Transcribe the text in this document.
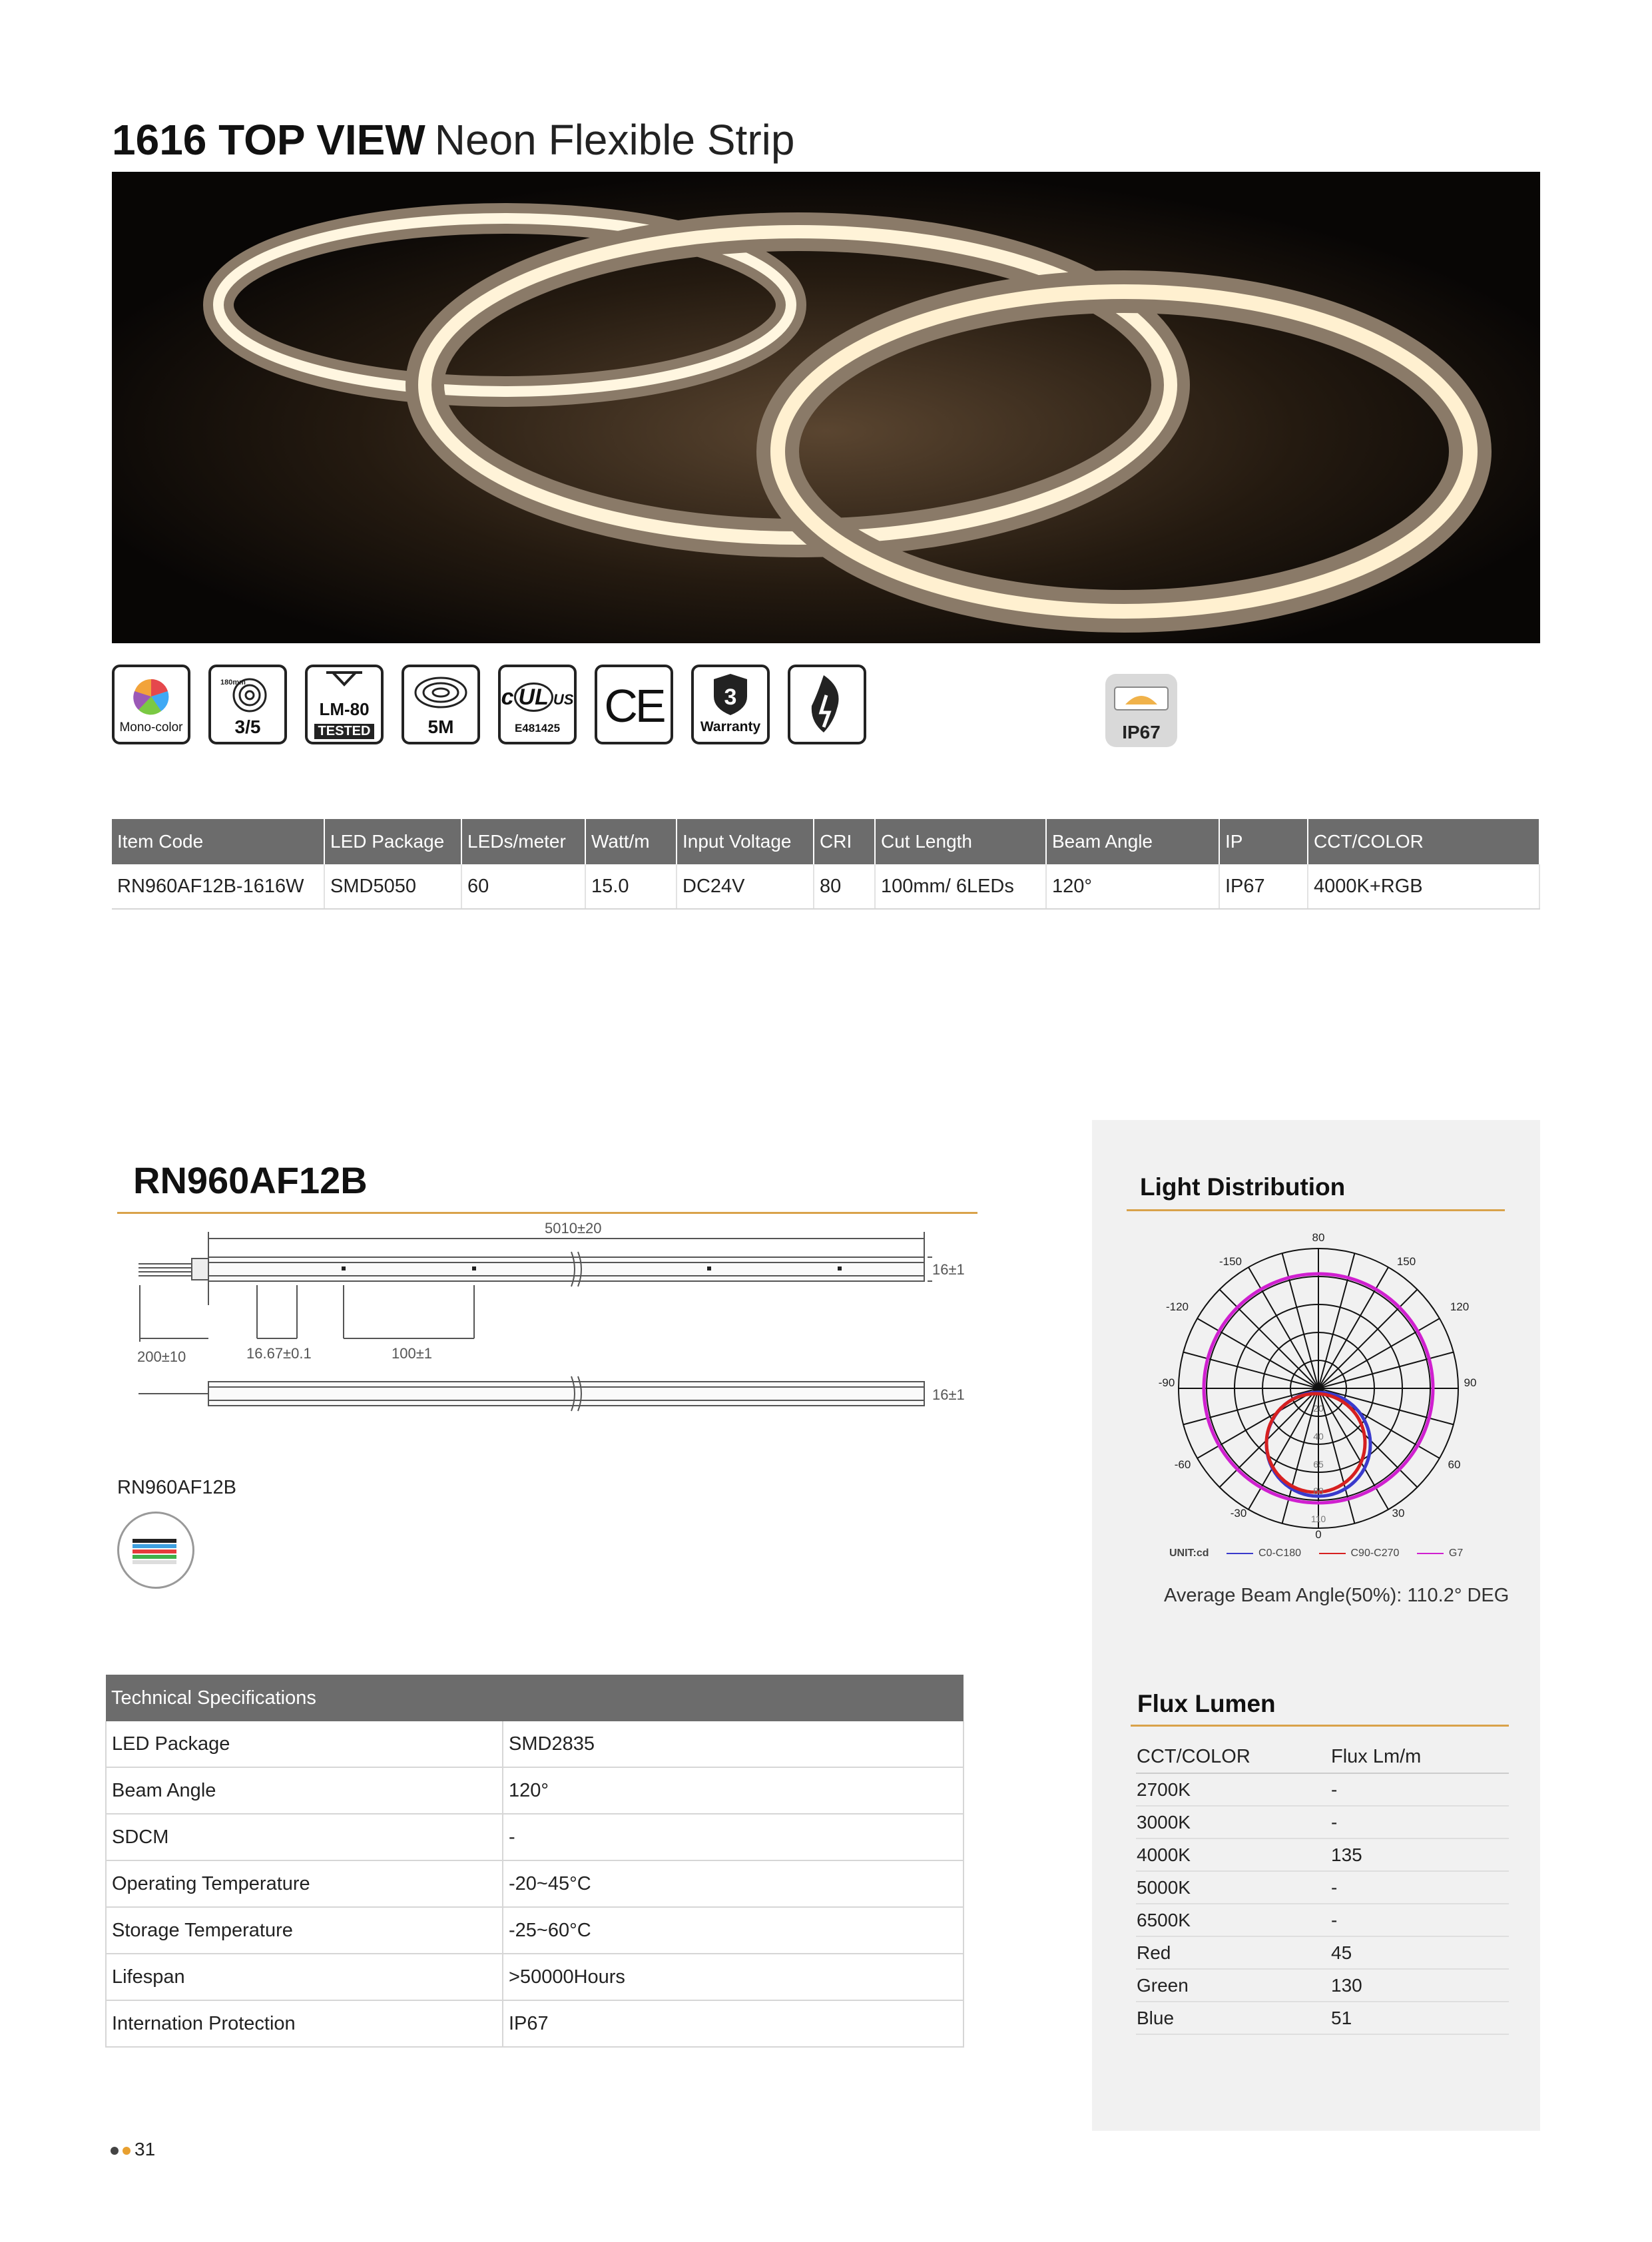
1616 TOP VIEW Neon Flexible Strip
Mono-color
180mm
3/5
LM-80
TESTED	5M
c UL US
E481425 CE	3
Warranty	IP67
Item Code	LED Package	LEDs/meter	Watt/m	Input Voltage	CRI	Cut Length	Beam Angle	IP	CCT/COLOR
RN960AF12B-1616W	SMD5050	60	15.0	DC24V	80	100mm/ 6LEDs	120°	IP67	4000K+RGB
RN960AF12B
5010±20
16±1
200±10	16.67±0.1	100±1
16±1
RN960AF12B
Technical Specifications	
LED Package	SMD2835
Beam Angle	120°
SDCM	-
Operating Temperature	-20~45°C
Storage Temperature	-25~60°C
Lifespan	>50000Hours
Internation Protection	IP67
Light Distribution
80
-150	150
-120	120
-90	90
-60	60
-30	30
0
20
40
65
88
110
UNIT:cd	C0-C180	C90-C270	G7
Average Beam Angle(50%): 110.2° DEG
Flux Lumen
CCT/COLOR	Flux Lm/m
2700K	-
3000K	-
4000K	135
5000K	-
6500K	-
Red	45
Green	130
Blue	51
31
